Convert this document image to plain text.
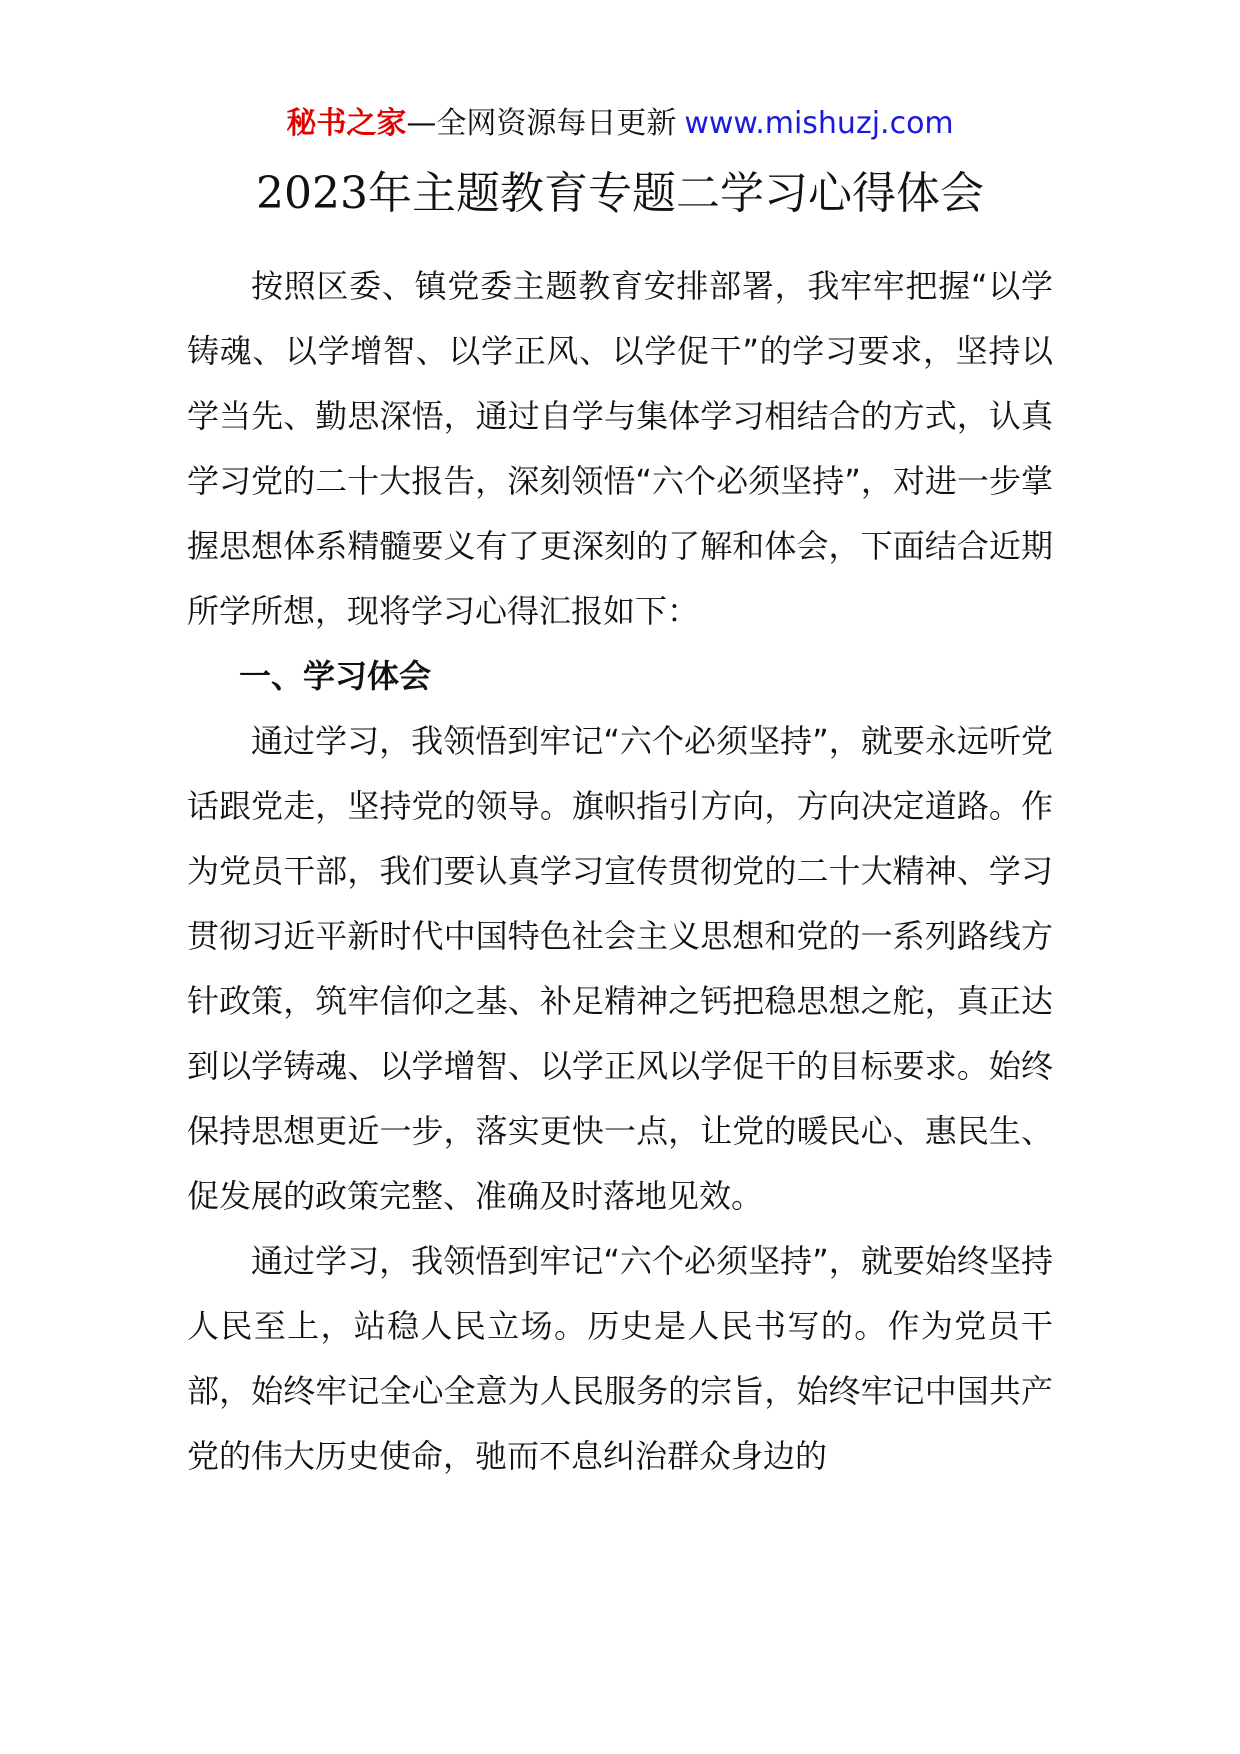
秘书之家—全网资源每日更新 www.mishuzj.com
2023年主题教育专题二学习心得体会

按照区委、镇党委主题教育安排部署，我牢牢把握“以学铸魂、以学增智、以学正风、以学促干”的学习要求，坚持以学当先、勤思深悟，通过自学与集体学习相结合的方式，认真学习党的二十大报告，深刻领悟“六个必须坚持”，对进一步掌握思想体系精髓要义有了更深刻的了解和体会，下面结合近期所学所想，现将学习心得汇报如下：

一、学习体会

通过学习，我领悟到牢记“六个必须坚持”，就要永远听党话跟党走，坚持党的领导。旗帜指引方向，方向决定道路。作为党员干部，我们要认真学习宣传贯彻党的二十大精神、学习贯彻习近平新时代中国特色社会主义思想和党的一系列路线方针政策，筑牢信仰之基、补足精神之钙把稳思想之舵，真正达到以学铸魂、以学增智、以学正风以学促干的目标要求。始终保持思想更近一步，落实更快一点，让党的暖民心、惠民生、促发展的政策完整、准确及时落地见效。

通过学习，我领悟到牢记“六个必须坚持”，就要始终坚持人民至上，站稳人民立场。历史是人民书写的。作为党员干部，始终牢记全心全意为人民服务的宗旨，始终牢记中国共产党的伟大历史使命，驰而不息纠治群众身边的
